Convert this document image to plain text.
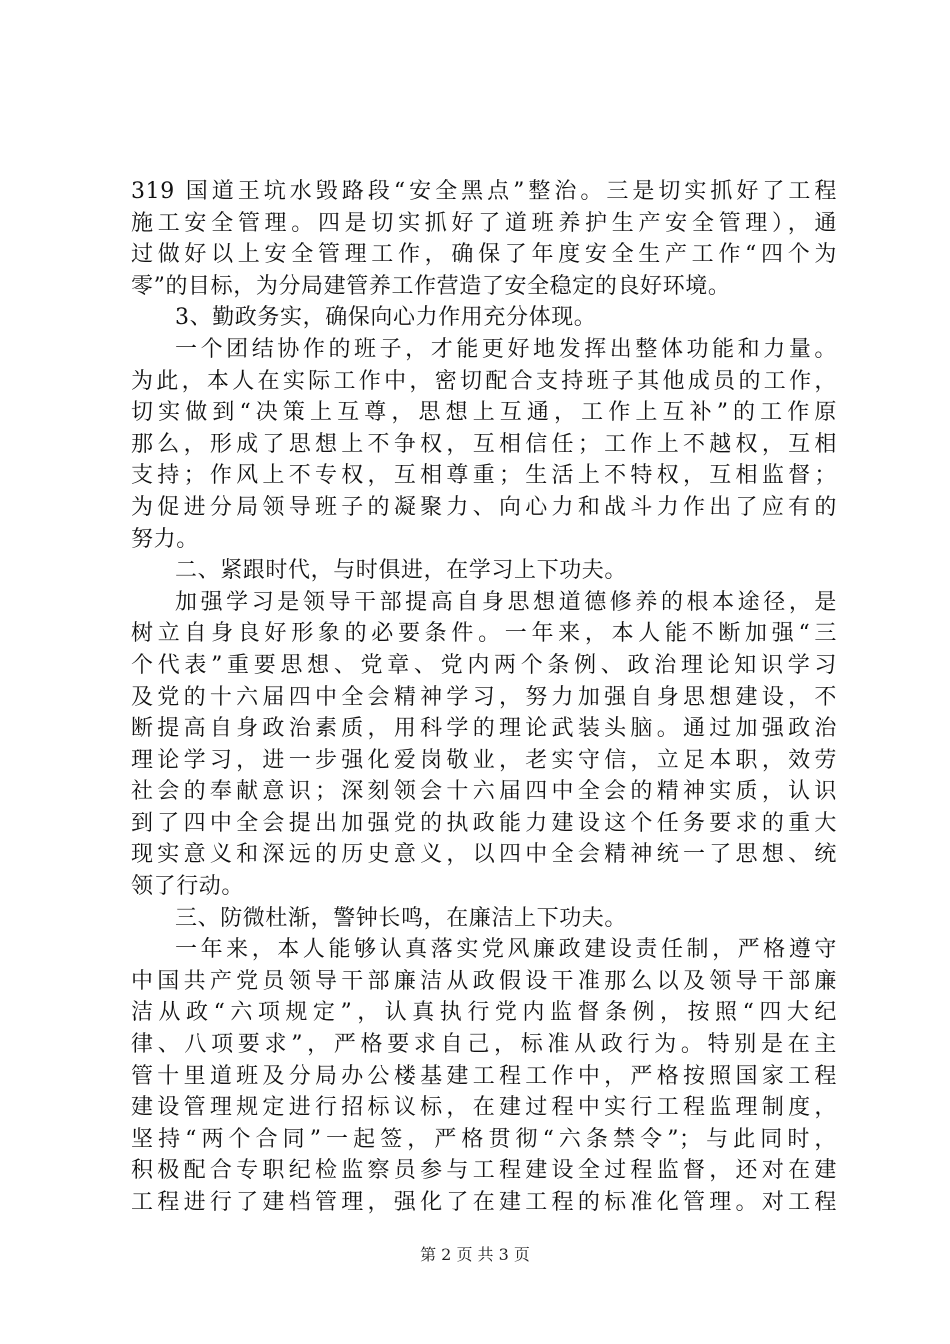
319 国道王坑水毁路段“安全黑点”整治。三是切实抓好了工程
施工安全管理。四是切实抓好了道班养护生产安全管理），通
过做好以上安全管理工作，确保了年度安全生产工作“四个为
零”的目标，为分局建管养工作营造了安全稳定的良好环境。
3、勤政务实，确保向心力作用充分体现。
一个团结协作的班子，才能更好地发挥出整体功能和力量。
为此，本人在实际工作中，密切配合支持班子其他成员的工作，
切实做到“决策上互尊，思想上互通，工作上互补”的工作原
那么，形成了思想上不争权，互相信任；工作上不越权，互相
支持；作风上不专权，互相尊重；生活上不特权，互相监督；
为促进分局领导班子的凝聚力、向心力和战斗力作出了应有的
努力。
二、紧跟时代，与时俱进，在学习上下功夫。
加强学习是领导干部提高自身思想道德修养的根本途径，是
树立自身良好形象的必要条件。一年来，本人能不断加强“三
个代表”重要思想、党章、党内两个条例、政治理论知识学习
及党的十六届四中全会精神学习，努力加强自身思想建设，不
断提高自身政治素质，用科学的理论武装头脑。通过加强政治
理论学习，进一步强化爱岗敬业，老实守信，立足本职，效劳
社会的奉献意识；深刻领会十六届四中全会的精神实质，认识
到了四中全会提出加强党的执政能力建设这个任务要求的重大
现实意义和深远的历史意义，以四中全会精神统一了思想、统
领了行动。
三、防微杜渐，警钟长鸣，在廉洁上下功夫。
一年来，本人能够认真落实党风廉政建设责任制，严格遵守
中国共产党员领导干部廉洁从政假设干准那么以及领导干部廉
洁从政“六项规定”，认真执行党内监督条例，按照“四大纪
律、八项要求”，严格要求自己，标准从政行为。特别是在主
管十里道班及分局办公楼基建工程工作中，严格按照国家工程
建设管理规定进行招标议标，在建过程中实行工程监理制度，
坚持“两个合同”一起签，严格贯彻“六条禁令”；与此同时，
积极配合专职纪检监察员参与工程建设全过程监督，还对在建
工程进行了建档管理，强化了在建工程的标准化管理。对工程
第 2 页 共 3 页
